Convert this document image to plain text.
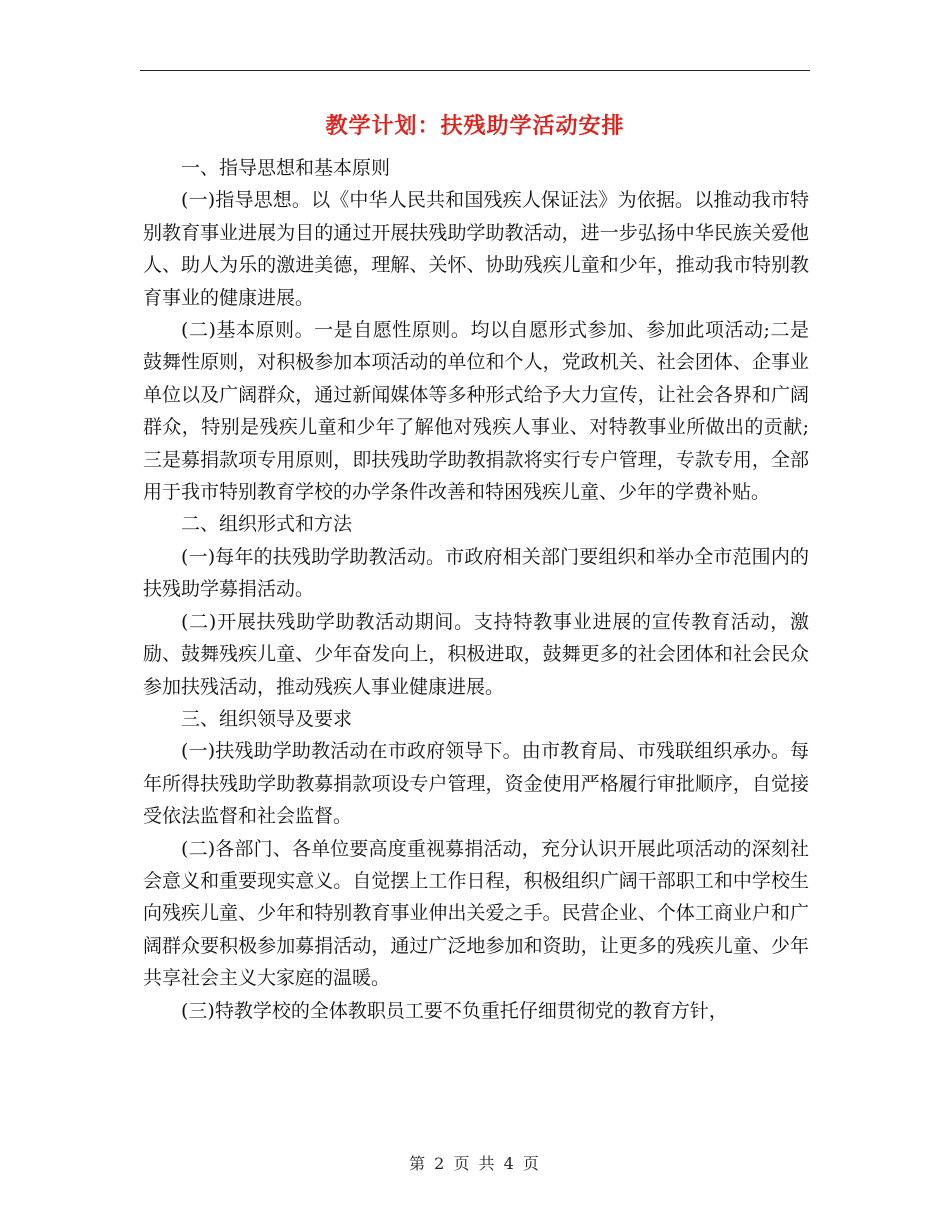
教学计划：扶残助学活动安排

一、指导思想和基本原则

(一)指导思想。以《中华人民共和国残疾人保证法》为依据。以推动我市特别教育事业进展为目的通过开展扶残助学助教活动，进一步弘扬中华民族关爱他人、助人为乐的激进美德，理解、关怀、协助残疾儿童和少年，推动我市特别教育事业的健康进展。

(二)基本原则。一是自愿性原则。均以自愿形式参加、参加此项活动;二是鼓舞性原则，对积极参加本项活动的单位和个人，党政机关、社会团体、企事业单位以及广阔群众，通过新闻媒体等多种形式给予大力宣传，让社会各界和广阔群众，特别是残疾儿童和少年了解他对残疾人事业、对特教事业所做出的贡献;三是募捐款项专用原则，即扶残助学助教捐款将实行专户管理，专款专用，全部用于我市特别教育学校的办学条件改善和特困残疾儿童、少年的学费补贴。

二、组织形式和方法

(一)每年的扶残助学助教活动。市政府相关部门要组织和举办全市范围内的扶残助学募捐活动。

(二)开展扶残助学助教活动期间。支持特教事业进展的宣传教育活动，激励、鼓舞残疾儿童、少年奋发向上，积极进取，鼓舞更多的社会团体和社会民众参加扶残活动，推动残疾人事业健康进展。

三、组织领导及要求

(一)扶残助学助教活动在市政府领导下。由市教育局、市残联组织承办。每年所得扶残助学助教募捐款项设专户管理，资金使用严格履行审批顺序，自觉接受依法监督和社会监督。

(二)各部门、各单位要高度重视募捐活动，充分认识开展此项活动的深刻社会意义和重要现实意义。自觉摆上工作日程，积极组织广阔干部职工和中学校生向残疾儿童、少年和特别教育事业伸出关爱之手。民营企业、个体工商业户和广阔群众要积极参加募捐活动，通过广泛地参加和资助，让更多的残疾儿童、少年共享社会主义大家庭的温暖。

(三)特教学校的全体教职员工要不负重托仔细贯彻党的教育方针，

第 2 页 共 4 页
